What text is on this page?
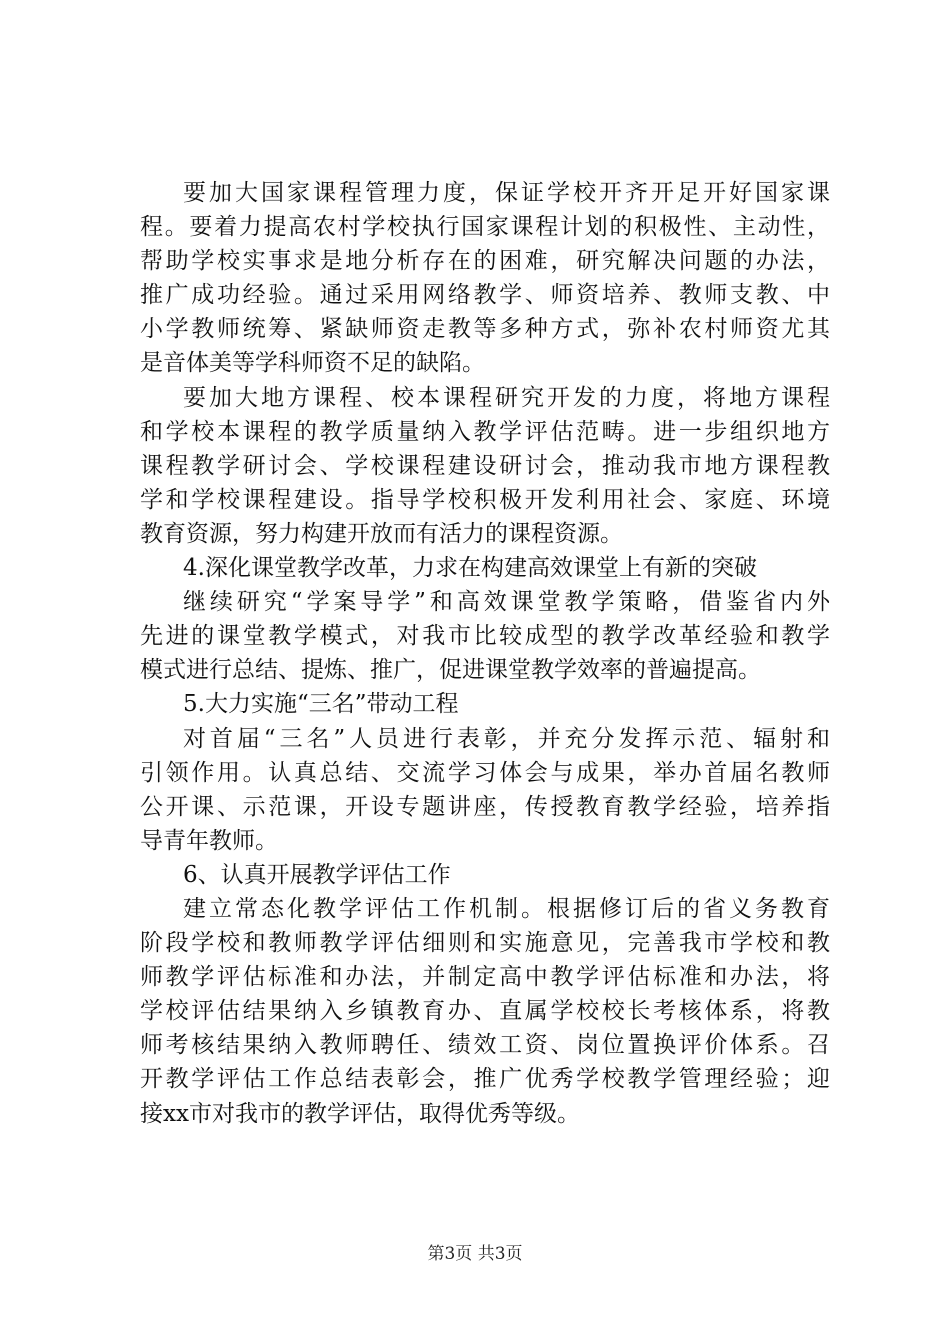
要加大国家课程管理力度，保证学校开齐开足开好国家课
程。要着力提高农村学校执行国家课程计划的积极性、主动性，
帮助学校实事求是地分析存在的困难，研究解决问题的办法，
推广成功经验。通过采用网络教学、师资培养、教师支教、中
小学教师统筹、紧缺师资走教等多种方式，弥补农村师资尤其
是音体美等学科师资不足的缺陷。
要加大地方课程、校本课程研究开发的力度，将地方课程
和学校本课程的教学质量纳入教学评估范畴。进一步组织地方
课程教学研讨会、学校课程建设研讨会，推动我市地方课程教
学和学校课程建设。指导学校积极开发利用社会、家庭、环境
教育资源，努力构建开放而有活力的课程资源。
4.深化课堂教学改革，力求在构建高效课堂上有新的突破
继续研究“学案导学”和高效课堂教学策略，借鉴省内外
先进的课堂教学模式，对我市比较成型的教学改革经验和教学
模式进行总结、提炼、推广，促进课堂教学效率的普遍提高。
5.大力实施“三名”带动工程
对首届“三名”人员进行表彰，并充分发挥示范、辐射和
引领作用。认真总结、交流学习体会与成果，举办首届名教师
公开课、示范课，开设专题讲座，传授教育教学经验，培养指
导青年教师。
6、认真开展教学评估工作
建立常态化教学评估工作机制。根据修订后的省义务教育
阶段学校和教师教学评估细则和实施意见，完善我市学校和教
师教学评估标准和办法，并制定高中教学评估标准和办法，将
学校评估结果纳入乡镇教育办、直属学校校长考核体系，将教
师考核结果纳入教师聘任、绩效工资、岗位置换评价体系。召
开教学评估工作总结表彰会，推广优秀学校教学管理经验；迎
接xx市对我市的教学评估，取得优秀等级。
第3页 共3页
